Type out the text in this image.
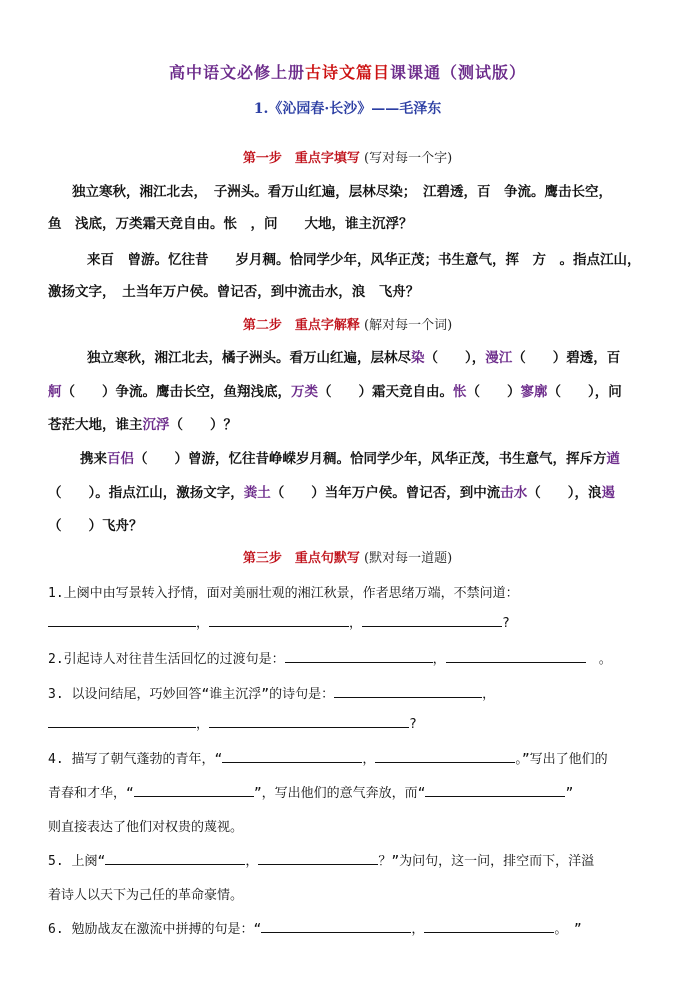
高中语文必修上册古诗文篇目课课通（测试版）
1.《沁园春·长沙》——毛泽东
第一步　重点字填写 (写对每一个字)
独立寒秋，湘江北去，　子洲头。看万山红遍，层林尽染；　江碧透，百　争流。鹰击长空，
鱼　浅底，万类霜天竞自由。怅　，问　　大地，谁主沉浮？
来百　曾游。忆往昔　　岁月稠。恰同学少年，风华正茂；书生意气，挥　方　。指点江山，
激扬文字，　土当年万户侯。曾记否，到中流击水，浪　飞舟？
第二步　重点字解释 (解对每一个词)
独立寒秋，湘江北去，橘子洲头。看万山红遍，层林尽染（　　），漫江（　　）碧透，百
舸（　　）争流。鹰击长空，鱼翔浅底，万类（　　）霜天竞自由。怅（　　）寥廓（　　），问
苍茫大地，谁主沉浮（　　）？
携来百侣（　　）曾游，忆往昔峥嵘岁月稠。恰同学少年，风华正茂，书生意气，挥斥方遒
（　　）。指点江山，激扬文字，粪土（　　）当年万户侯。曾记否，到中流击水（　　），浪遏
（　　）飞舟？
第三步　重点句默写 (默对每一道题)
1.上阕中由写景转入抒情，面对美丽壮观的湘江秋景，作者思绪万端，不禁问道：
，	，	?
2.引起诗人对往昔生活回忆的过渡句是：	，　	。
3. 以设问结尾，巧妙回答“谁主沉浮”的诗句是：	，
，	?
4. 描写了朝气蓬勃的青年，“	，	。”写出了他们的
青春和才华，“	”，写出他们的意气奔放，而“	”
则直接表达了他们对权贵的蔑视。
5. 上阕“	，	？”为问句，这一问，排空而下，洋溢
着诗人以天下为己任的革命豪情。
6. 勉励战友在激流中拼搏的句是：“	，	。　”
